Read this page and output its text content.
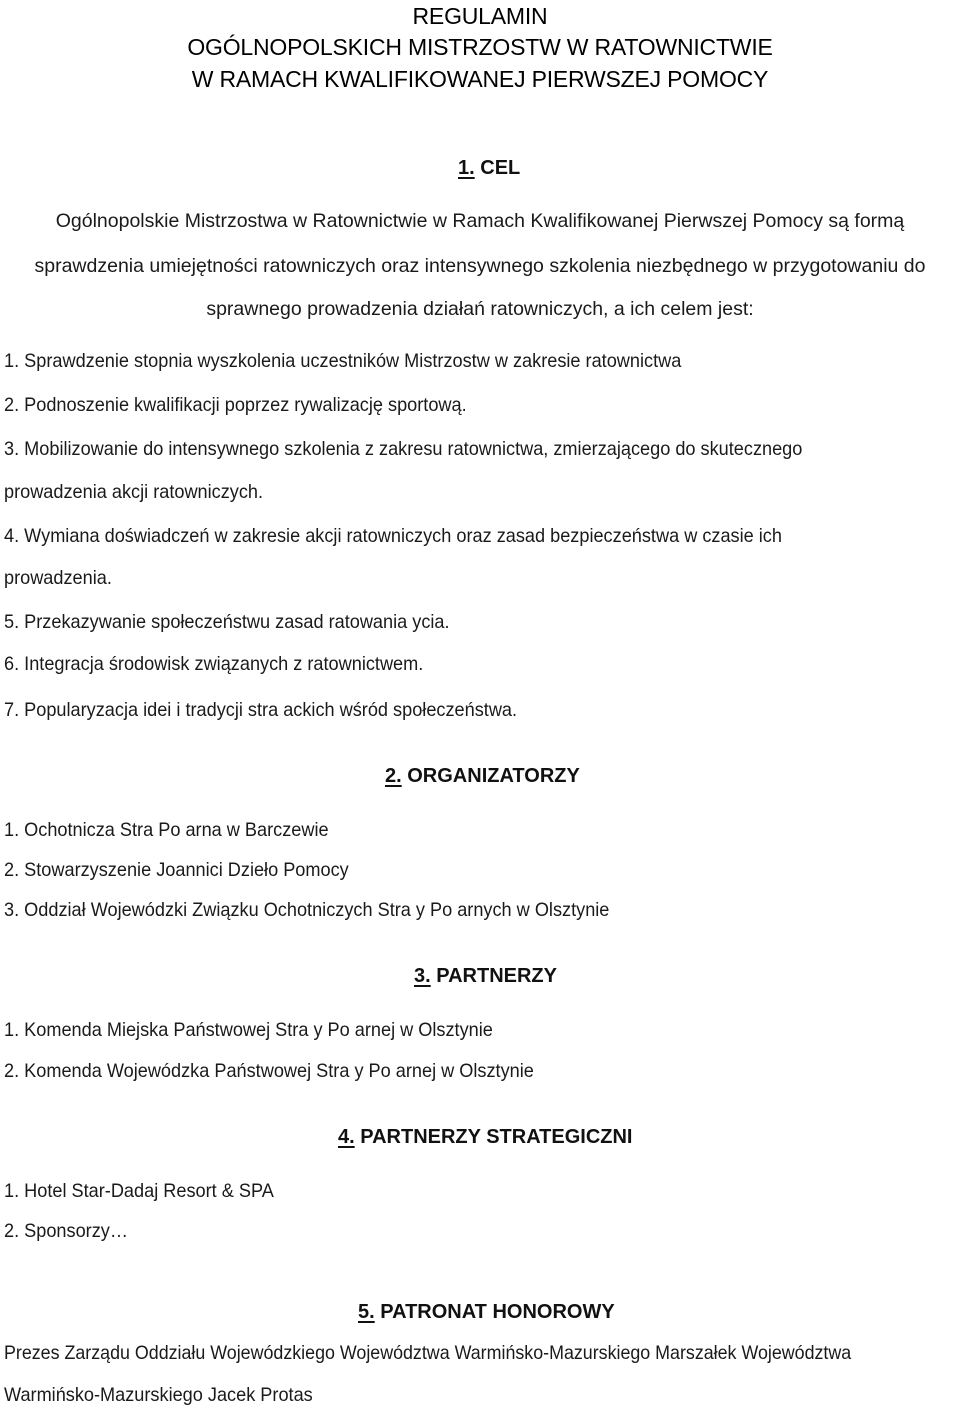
REGULAMIN
OGÓLNOPOLSKICH MISTRZOSTW W RATOWNICTWIE
W RAMACH KWALIFIKOWANEJ PIERWSZEJ POMOCY
1. CEL
Ogólnopolskie Mistrzostwa w Ratownictwie w Ramach Kwalifikowanej Pierwszej Pomocy są formą
sprawdzenia umiejętności ratowniczych oraz intensywnego szkolenia niezbędnego w przygotowaniu do
sprawnego prowadzenia działań ratowniczych, a ich celem jest:
1. Sprawdzenie stopnia wyszkolenia uczestników Mistrzostw w zakresie ratownictwa
2. Podnoszenie kwalifikacji poprzez rywalizację sportową.
3. Mobilizowanie do intensywnego szkolenia z zakresu ratownictwa, zmierzającego do skutecznego
prowadzenia akcji ratowniczych.
4. Wymiana doświadczeń w zakresie akcji ratowniczych oraz zasad bezpieczeństwa w czasie ich
prowadzenia.
5. Przekazywanie społeczeństwu zasad ratowania ycia.
6. Integracja środowisk związanych z ratownictwem.
7. Popularyzacja idei i tradycji stra ackich wśród społeczeństwa.
2. ORGANIZATORZY
1. Ochotnicza Stra Po arna w Barczewie
2. Stowarzyszenie Joannici Dzieło Pomocy
3. Oddział Wojewódzki Związku Ochotniczych Stra y Po arnych w Olsztynie
3. PARTNERZY
1. Komenda Miejska Państwowej Stra y Po arnej w Olsztynie
2. Komenda Wojewódzka Państwowej Stra y Po arnej w Olsztynie
4. PARTNERZY STRATEGICZNI
1. Hotel Star-Dadaj Resort & SPA
2. Sponsorzy…
5. PATRONAT HONOROWY
Prezes Zarządu Oddziału Wojewódzkiego Województwa Warmińsko-Mazurskiego Marszałek Województwa
Warmińsko-Mazurskiego Jacek Protas
